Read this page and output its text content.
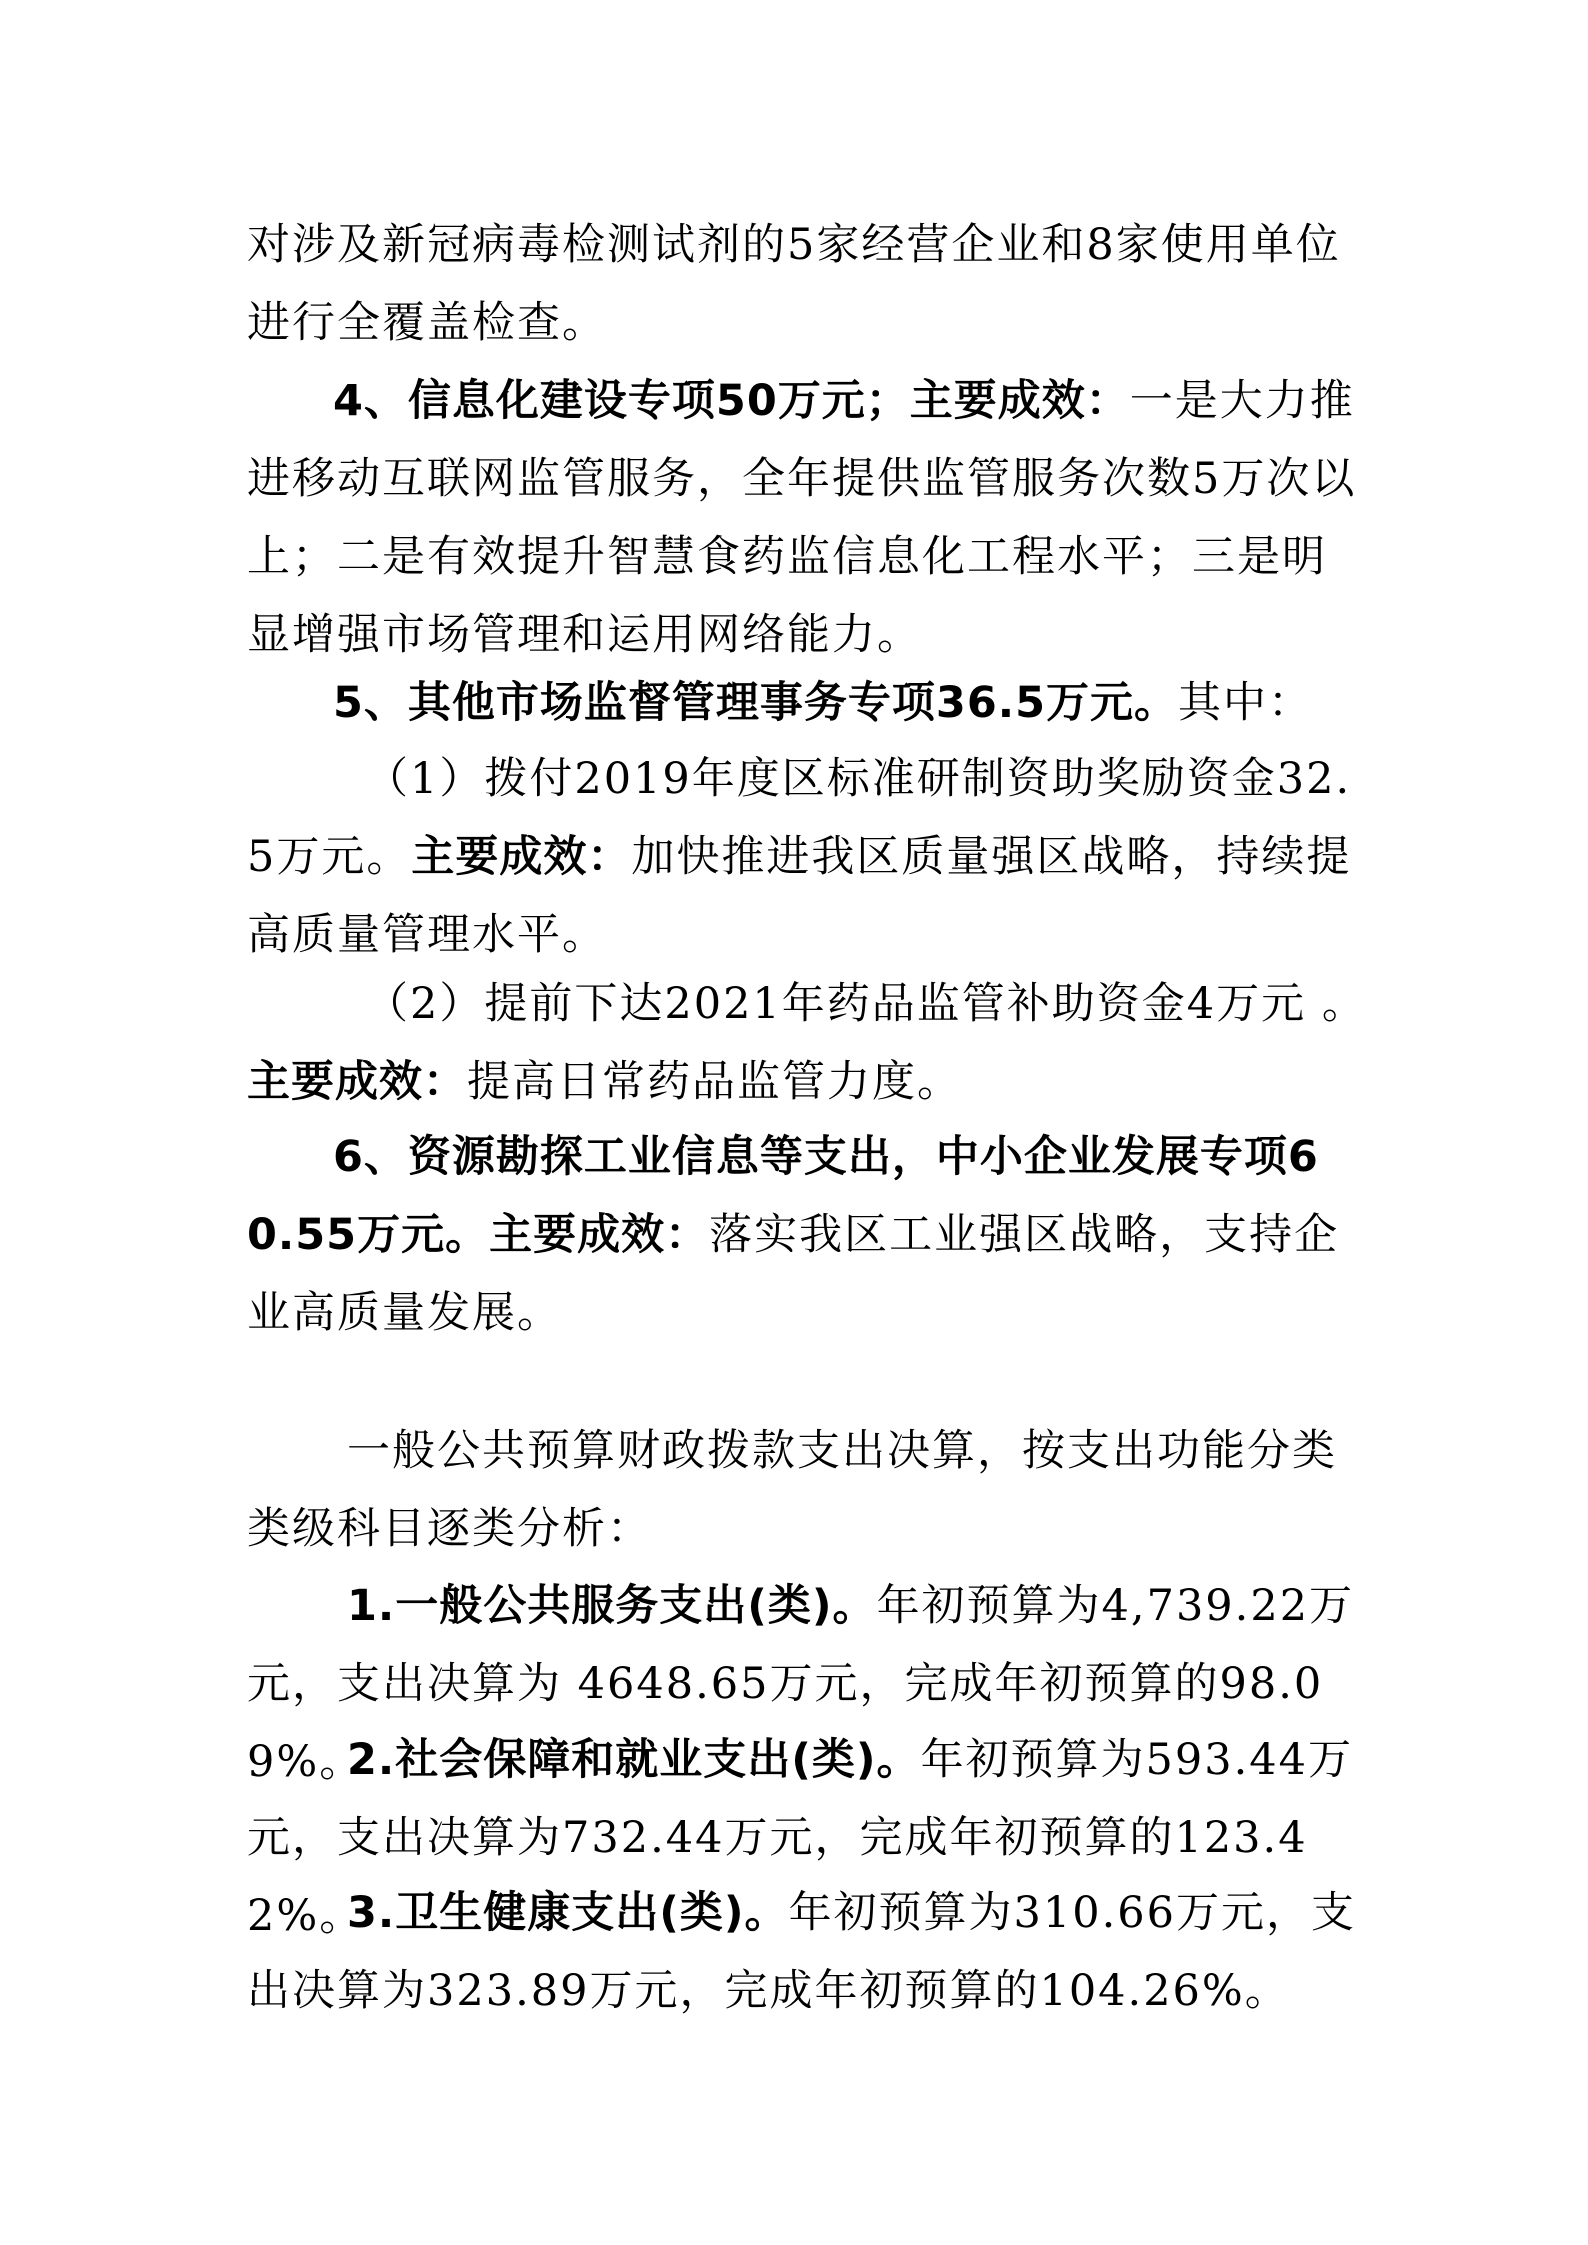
对涉及新冠病毒检测试剂的5家经营企业和8家使用单位进行全覆盖检查。

4、信息化建设专项50万元；主要成效：一是大力推进移动互联网监管服务，全年提供监管服务次数5万次以上；二是有效提升智慧食药监信息化工程水平；三是明显增强市场管理和运用网络能力。

5、其他市场监督管理事务专项36.5万元。其中：

（1）拨付2019年度区标准研制资助奖励资金32.5万元。主要成效：加快推进我区质量强区战略，持续提高质量管理水平。

（2）提前下达2021年药品监管补助资金4万元 。主要成效：提高日常药品监管力度。

6、资源勘探工业信息等支出，中小企业发展专项60.55万元。主要成效：落实我区工业强区战略，支持企业高质量发展。

一般公共预算财政拨款支出决算，按支出功能分类类级科目逐类分析：

1.一般公共服务支出(类)。年初预算为4,739.22万元，支出决算为 4648.65万元，完成年初预算的98.09%。

2.社会保障和就业支出(类)。年初预算为593.44万元，支出决算为732.44万元，完成年初预算的123.42%。

3.卫生健康支出(类)。年初预算为310.66万元，支出决算为323.89万元，完成年初预算的104.26%。
